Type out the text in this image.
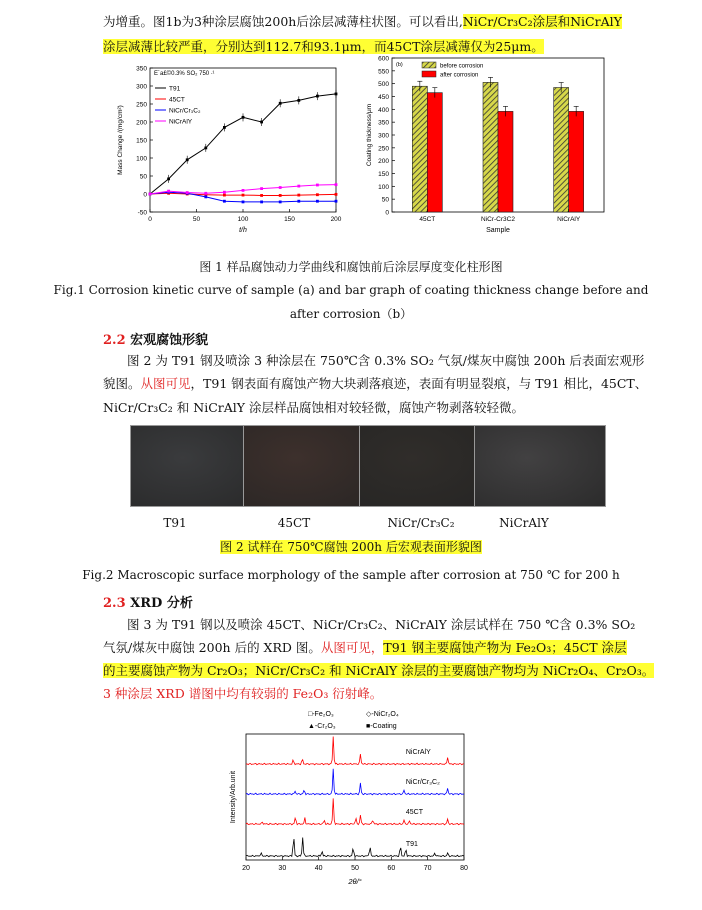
为增重。图1b为3种涂层腐蚀200h后涂层减薄柱状图。可以看出,NiCr/Cr₃C₂涂层和NiCrAlY

涂层减薄比较严重，分别达到112.7和93.1μm，而45CT涂层减薄仅为25μm。

-50
0
50
100
150
200
250
300
350
0	50	100	150	200
t/h
Mass Change /(mg/cm²)
E´a£©0.3% SO₂ 750 ·¹
T91
45CT
NiCr/Cr₃C₂
NiCrAlY
0
50
100
150
200
250
300
350
400
450
500
550
600
Coating thickness/μm
(b)
45CT	NiCr-Cr3C2	NiCrAlY
Sample
before corrosion
after corrosion
图 1 样品腐蚀动力学曲线和腐蚀前后涂层厚度变化柱形图
Fig.1 Corrosion kinetic curve of sample (a) and bar graph of coating thickness change before and
after corrosion（b）
2.2 宏观腐蚀形貌

图 2 为 T91 钢及喷涂 3 种涂层在 750℃含 0.3% SO₂ 气氛/煤灰中腐蚀 200h 后表面宏观形

貌图。从图可见，T91 钢表面有腐蚀产物大块剥落痕迹，表面有明显裂痕，与 T91 相比，45CT、

NiCr/Cr₃C₂ 和 NiCrAlY 涂层样品腐蚀相对较轻微，腐蚀产物剥落较轻微。

T91	45CT	NiCr/Cr₃C₂	NiCrAlY
图 2 试样在 750℃腐蚀 200h 后宏观表面形貌图
Fig.2 Macroscopic surface morphology of the sample after corrosion at 750 ℃ for 200 h
2.3 XRD 分析

图 3 为 T91 钢以及喷涂 45CT、NiCr/Cr₃C₂、NiCrAlY 涂层试样在 750 ℃含 0.3% SO₂

气氛/煤灰中腐蚀 200h 后的 XRD 图。从图可见，T91 钢主要腐蚀产物为 Fe₂O₃；45CT 涂层

的主要腐蚀产物为 Cr₂O₃；NiCr/Cr₃C₂ 和 NiCrAlY 涂层的主要腐蚀产物均为 NiCr₂O₄、Cr₂O₃。

3 种涂层 XRD 谱图中均有较弱的 Fe₂O₃ 衍射峰。

20	30	40	50	60	70	80
2θ/°
Intensity/Arb.unit
□-Fe₂O₃	◇-NiCr₂O₄
▲-Cr₂O₃	■-Coating
NiCrAlY
NiCr/Cr₃C₂
45CT
T91
